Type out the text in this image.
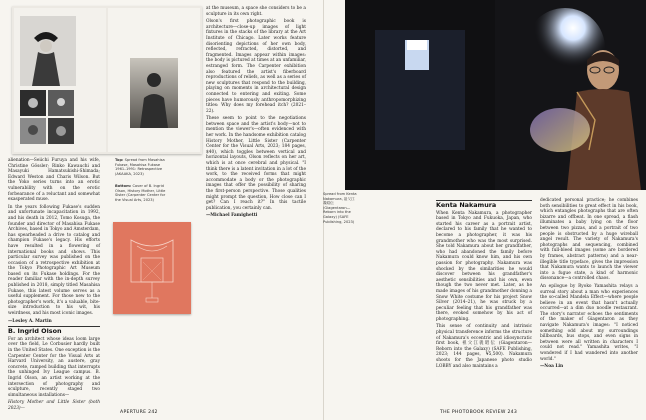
alienation—Seiichi Furuya and his wife, Christine Gössler; Rinko Kawauchi and Masayuki Hamatsukishi-Shimada; Edward Weston and Charis Wilson. But the Yoko series turns into an erotic vulnerability with on the erotic forbearance of a reluctant and somewhat exasperated muse.

In the years following Fukase's sudden and unfortunate incapacitation in 1992, and his death in 2012, Tomo Kosuga, the founder and director of Masahisa Fukase Archives, based in Tokyo and Amsterdam, has spearheaded a drive to catalog and champion Fukase's legacy. His efforts have resulted in a flowering of international books and shows. This particular survey was published on the occasion of a retrospective exhibition at the Tokyo Photographic Art Museum based on its Fukase holdings. For the reader familiar with the in-depth survey published in 2018, simply titled Masahisa Fukase, this latest volume serves as a useful supplement. For those new to the photographer's work, it's a valuable, bite-size introduction to his wit, his weirdness, and his most iconic images.

—Lesley A. Martin

B. Ingrid Olson

For an architect whose ideas loom large over the field, Le Corbusier hardly built in the United States. One exception is the Carpenter Center for the Visual Arts at Harvard University, an austere, gray concrete, ramped building that interrupts the unhinged Ivy League campus. B. Ingrid Olson, an artist working at the intersection of photography and sculpture, recently staged two simultaneous installations—

History Mother and Little Sister (both 2023)—

Top: Spread from Masahisa Fukase, Masahisa Fukase 1961–1991: Retrospective (AKAAKA, 2023)
Bottom: Cover of B. Ingrid Olson, History Mother, Little Sister (Carpenter Center for the Visual Arts, 2023)

at the museum, a space she considers to be a sculpture in its own right.

Olson's first photographic book is architecture—close-up images of light fixtures in the stacks of the library at the Art Institute of Chicago. Later works feature disorienting depictions of her own body, reflected, refracted, distorted, and fragmented. Images appear within images: the body is pictured at times at an unfamiliar, estranged form. The Carpenter exhibition also featured the artist's fiberboard reproductions of reliefs, as well as a series of new sculptures that respond to the building, playing on moments in architectural design connected to entering and exiting. Some pieces have humorously anthropomorphizing titles: Why does my forehead itch? (2021–22).

These seem to point to the negotiations between space and the artist's body—not to mention the viewer's—often evidenced with her work. In the handsome exhibition catalog History Mother, Little Sister (Carpenter Center for the Visual Arts, 2023; 184 pages, $40), which toggles between vertical and horizontal layouts, Olson reflects on her art, which is at once cerebral and physical. "I think there is a latent invitation in a lot of the work, to the received forms that might accommodate a body or the photographic images that offer the possibility of sharing the first-person perspective. Those qualities might prompt the question, How close can I get? Can I reach it?" In this tactile publication, you certainly can.

—Michael Famighetti

APERTURE 242
Spread from Kenta Nakamura, 祖父江義昭伝 (Giagentaron—Reborn into the Galaxy) (SAFE Publishing, 2023)
Kenta Nakamura

When Kenta Nakamura, a photographer based in Tokyo and Fukuoka, Japan, who started his career as a portrait artist, declared to his family that he wanted to become a photographer, it was his grandmother who was the most surprised. She told Nakamura about her grandfather, who had abandoned the family before Nakamura could know him, and his own passion for photography. Nakamura was shocked by the similarities he would discover between his grandfather's aesthetic sensibilities and his own, even though the two never met. Later, as he made images of his grandmother donning a Snow White costume for his project Snow Silver (2014–21), he was struck by a peculiar feeling that his grandfather was there, evoked somehow by his act of photographing.

This sense of continuity and intrinsic physical transference informs the structure of Nakamura's eccentric and idiosyncratic first book, 祖父江義昭伝 (Giagentaron—Reborn into the Galaxy) (SAFE Publishing, 2023; 144 pages, ¥5,500). Nakamura shoots for the Japanese photo studio LOBBY and also maintains a

dedicated personal practice; he combines both sensibilities to great effect in his book, which entangles photographs that are often bizarre and offbeat. In one spread, a flash illuminates a baby lying on the floor between two pizzas, and a portrait of two people is obstructed by a huge wireball angel result. The variety of Nakamura's photographs and sequencing, combined with full-bleed images (some are bordered by frames, abstract patterns) and a near-illegible title typeface, gives the impression that Nakamura wants to launch the viewer into a fugue state, a kind of harmonic dissonance—a controlled chaos.

An epilogue by Ryoko Yamashita relays a surreal story about a man who experiences the so-called Mandela Effect—where people believe in an event that hasn't actually occurred—at a dim duo noodle restaurant. The story's narrator echoes the sentiments of the maker of Giagentaron as they navigate Nakamura's images: "I noticed something odd about my surroundings billboards, bus stops, and even signs in between were all written in characters I could not read." Yamashita writes, "I wondered if I had wandered into another world."

—Noa Lin

THE PHOTOBOOK REVIEW 243
